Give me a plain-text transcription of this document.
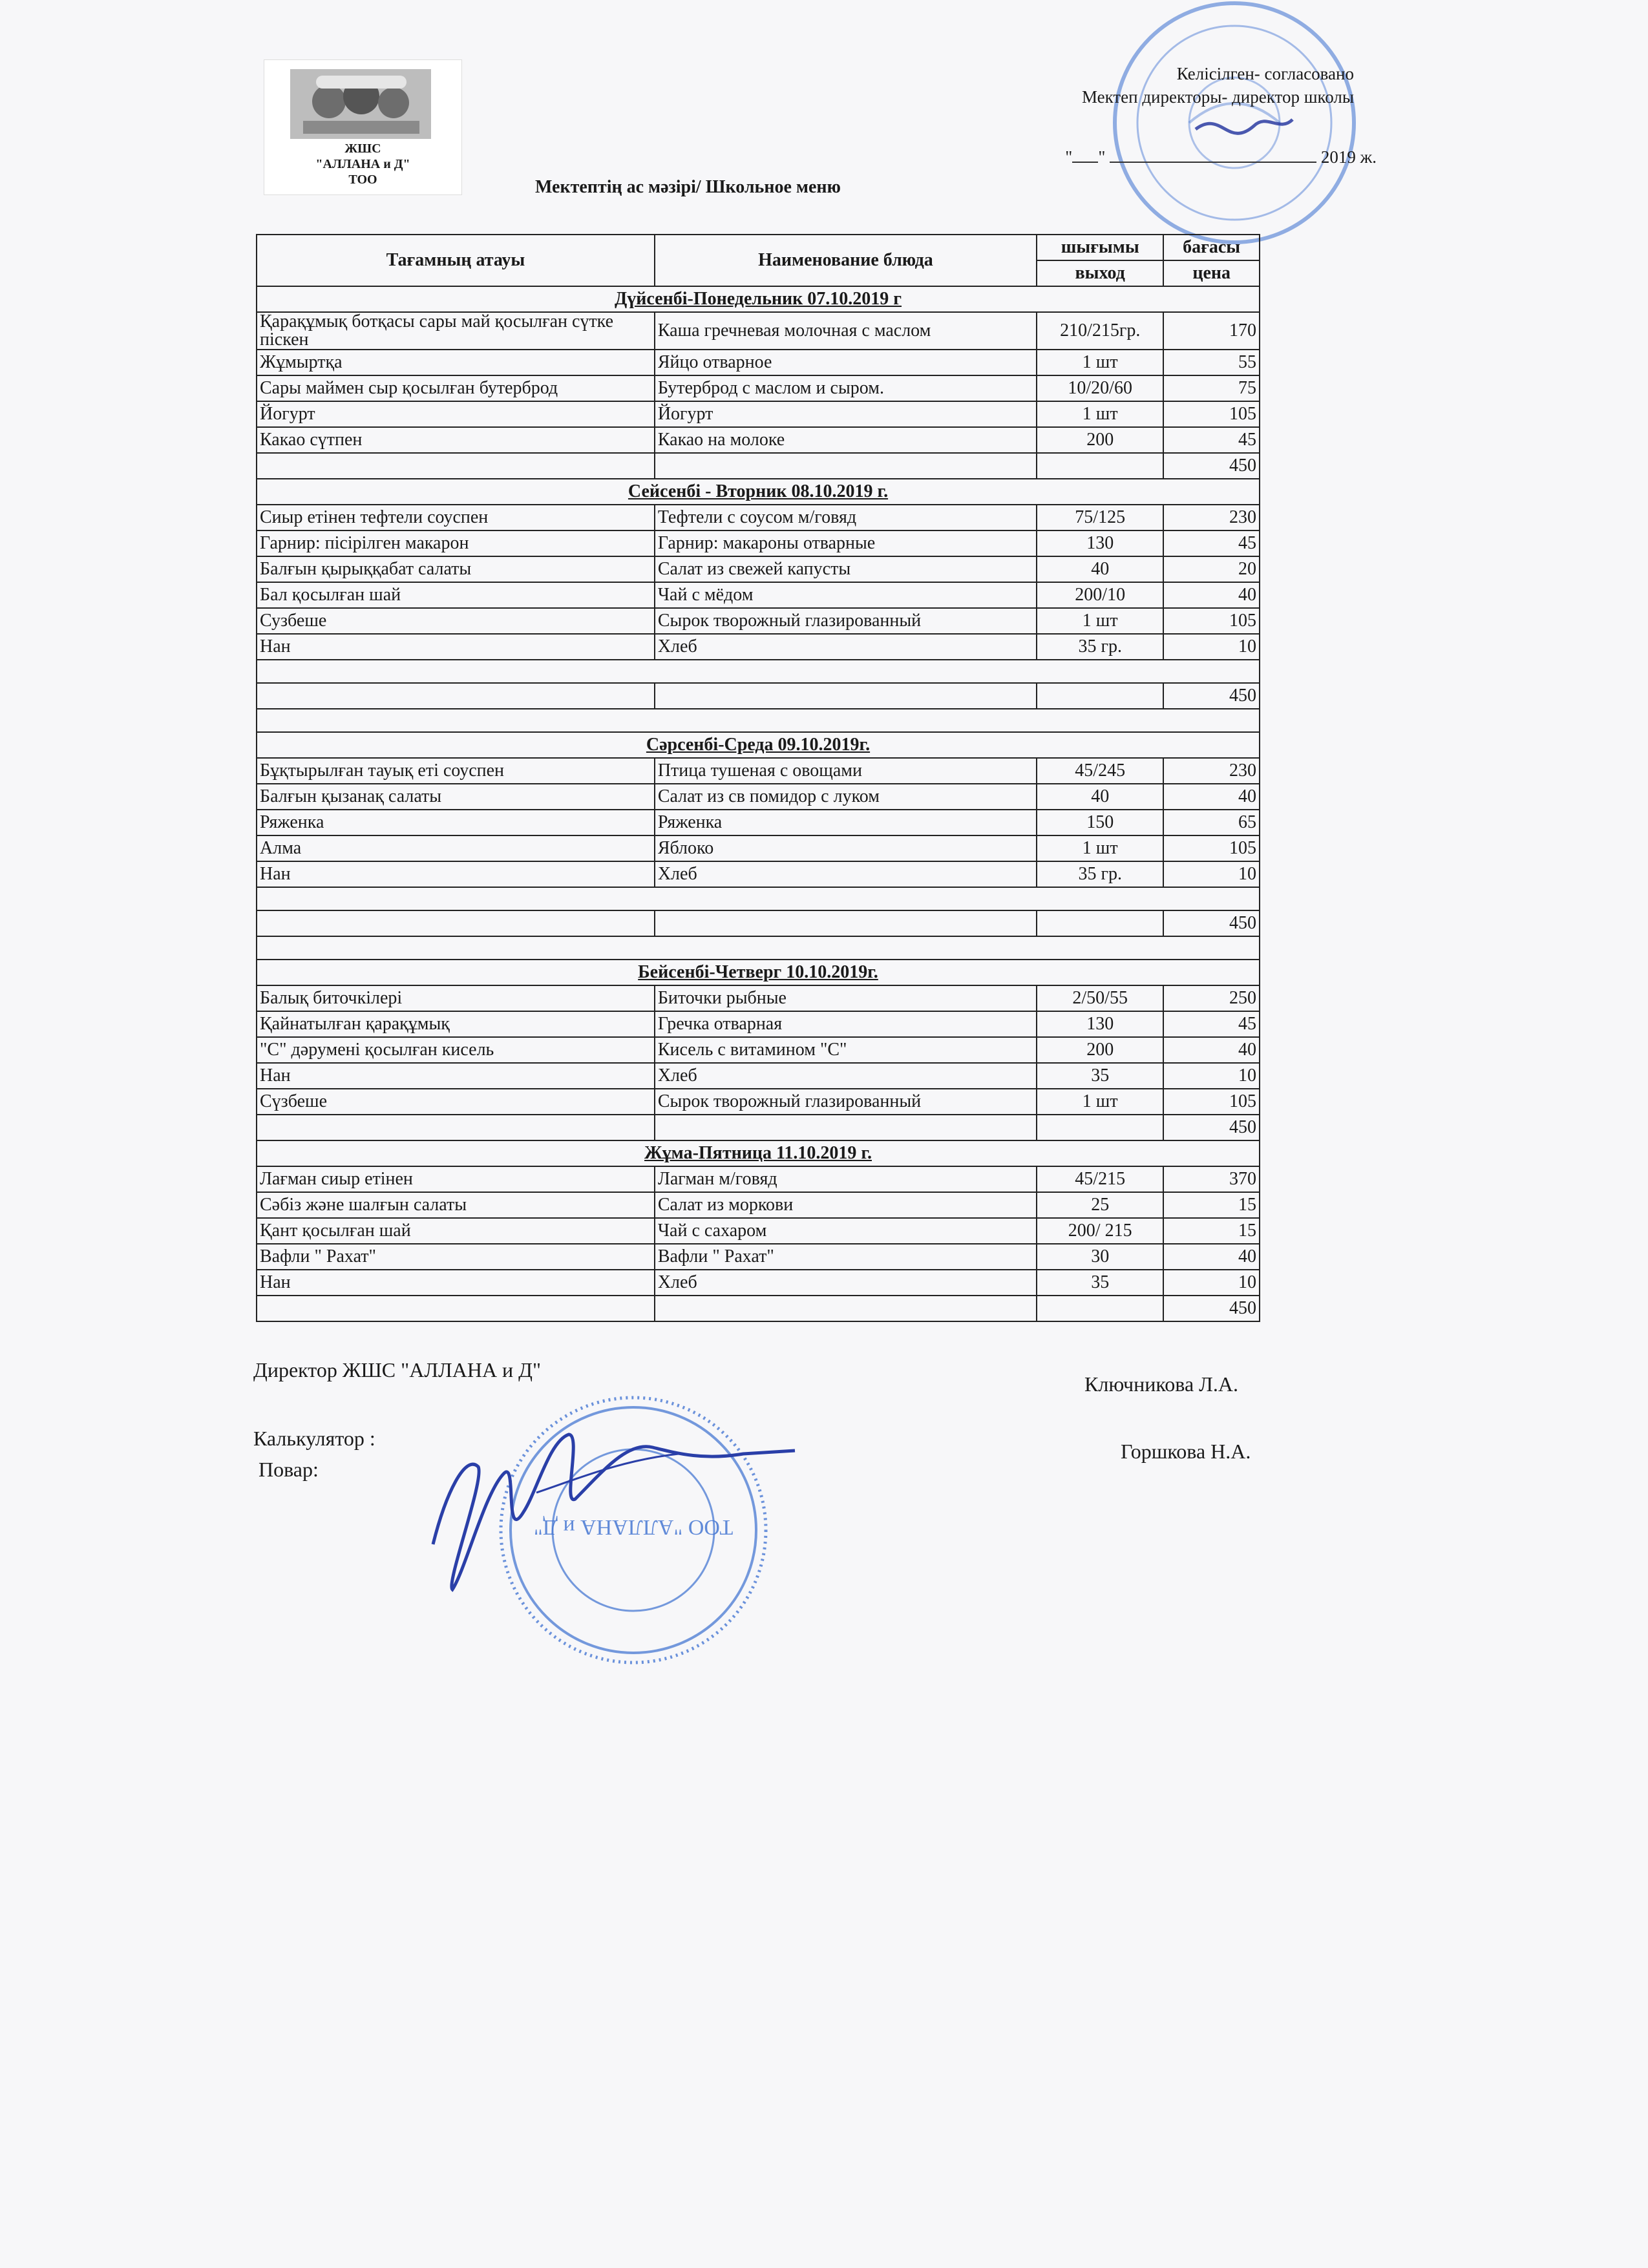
ЖШС
"АЛЛАНА и Д"
ТОО
Келісілген- согласовано
Мектеп директоры- директор школы
" "	2019 ж.
Мектептің ас мәзірі/ Школьное меню
Тағамның атауы	Наименование блюда	шығымы	бағасы
		выход	цена
Дүйсенбі-Понедельник 07.10.2019 г			
Қарақұмық ботқасы сары май қосылған сүтке піскен	Каша гречневая молочная с маслом	210/215гр.	170
Жұмыртқа	Яйцо отварное	1 шт	55
Сары маймен сыр қосылған бутерброд	Бутерброд с маслом и сыром.	10/20/60	75
Йогурт	Йогурт	1 шт	105
Какао сүтпен	Какао на молоке	200	45
			450
Сейсенбі - Вторник 08.10.2019 г.			
Сиыр етінен тефтели соуспен	Тефтели с соусом м/говяд	75/125	230
Гарнир: пісірілген макарон	Гарнир: макароны отварные	130	45
Балғын қырыққабат салаты	Салат из свежей капусты	40	20
Бал қосылған шай	Чай с мёдом	200/10	40
Сузбеше	Сырок творожный глазированный	1 шт	105
Нан	Хлеб	35 гр.	10

			450

Сәрсенбі-Среда 09.10.2019г.			
Бұқтырылған тауық еті соуспен	Птица тушеная с овощами	45/245	230
Балғын қызанақ салаты	Салат из св помидор с луком	40	40
Ряженка	Ряженка	150	65
Алма	Яблоко	1 шт	105
Нан	Хлеб	35 гр.	10

			450

Бейсенбі-Четверг 10.10.2019г.			
Балық биточкілері	Биточки рыбные	2/50/55	250
Қайнатылған қарақұмық	Гречка отварная	130	45
"С" дәрумені қосылған кисель	Кисель с витамином "С"	200	40
Нан	Хлеб	35	10
Сүзбеше	Сырок творожный глазированный	1 шт	105
			450
Жұма-Пятница 11.10.2019 г.			
Лағман сиыр етінен	Лагман м/говяд	45/215	370
Сәбіз және шалғын салаты	Салат из моркови	25	15
Қант қосылған шай	Чай с сахаром	200/ 215	15
Вафли " Рахат"	Вафли " Рахат"	30	40
Нан	Хлеб	35	10
			450
Директор ЖШС "АЛЛАНА и Д"
Ключникова Л.А.
Калькулятор :
Горшкова Н.А.
Повар:
ТОО "АЛЛАНА и Д"
